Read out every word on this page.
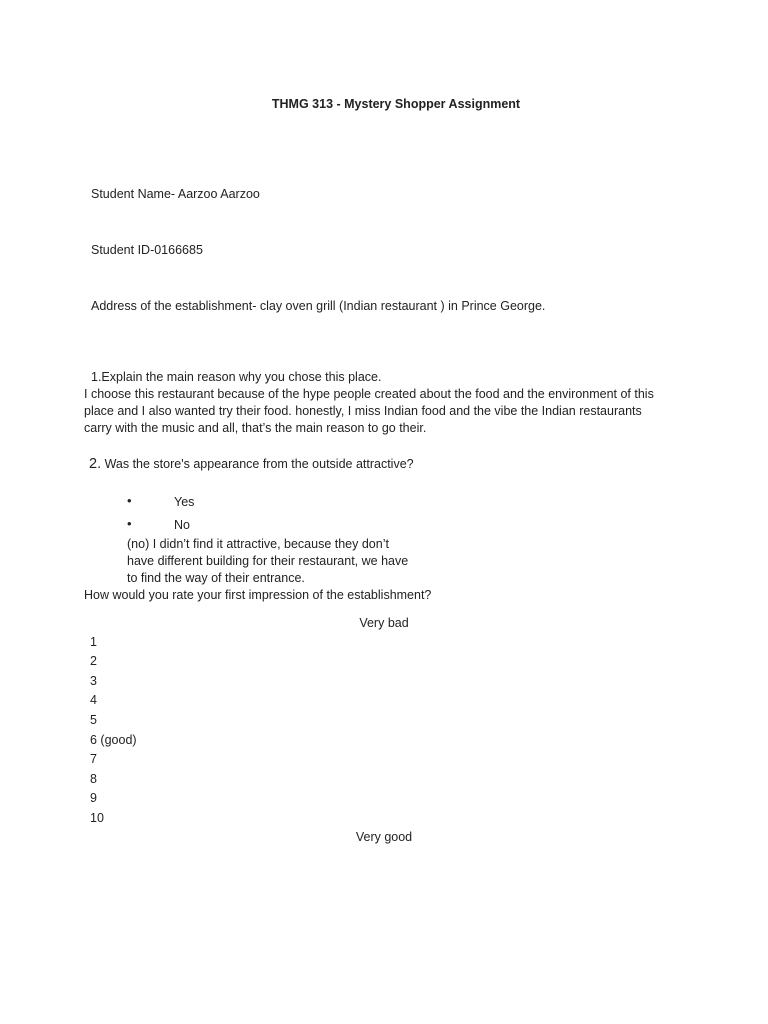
THMG 313 - Mystery Shopper Assignment
Student Name- Aarzoo Aarzoo
Student ID-0166685
Address of the establishment- clay oven grill (Indian restaurant ) in Prince George.
1.Explain the main reason why you chose this place.
I choose this restaurant because of the hype people created about the food and the environment of this
place and I also wanted try their food. honestly, I miss Indian food and the vibe the Indian restaurants
carry with the music and all, that’s the main reason to go their.
2. Was the store's appearance from the outside attractive?
•	Yes
•	No
(no) I didn’t find it attractive, because they don’t
have different building for their restaurant, we have
to find the way of their entrance.
How would you rate your first impression of the establishment?
Very bad
1
2
3
4
5
6 (good)
7
8
9
10
Very good
